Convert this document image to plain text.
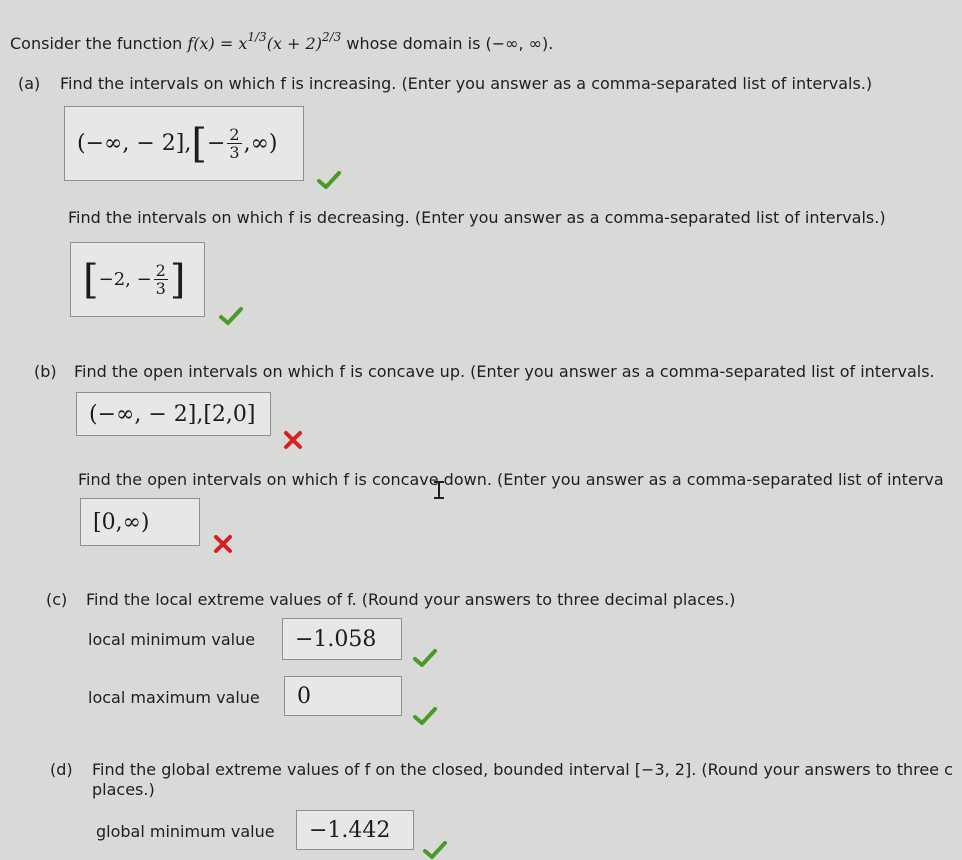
Consider the function $f(x) = x^{1/3}(x + 2)^{2/3}$ whose domain is (−∞, ∞).
(a) Find the intervals on which f is increasing. (Enter you answer as a comma-separated list of intervals.)
(−∞, − 2], [ − $\frac{2}{3}$ ,∞)
Find the intervals on which f is decreasing. (Enter you answer as a comma-separated list of intervals.)
[ −2, − $\frac{2}{3}$ ]
(b) Find the open intervals on which f is concave up. (Enter you answer as a comma-separated list of intervals.
(−∞, − 2],[2,0]
Find the open intervals on which f is concave down. (Enter you answer as a comma-separated list of interva
[0,∞)
(c) Find the local extreme values of f. (Round your answers to three decimal places.)
local minimum value −1.058
local maximum value 0
(d) Find the global extreme values of f on the closed, bounded interval [−3, 2]. (Round your answers to three c
places.)
global minimum value −1.442
